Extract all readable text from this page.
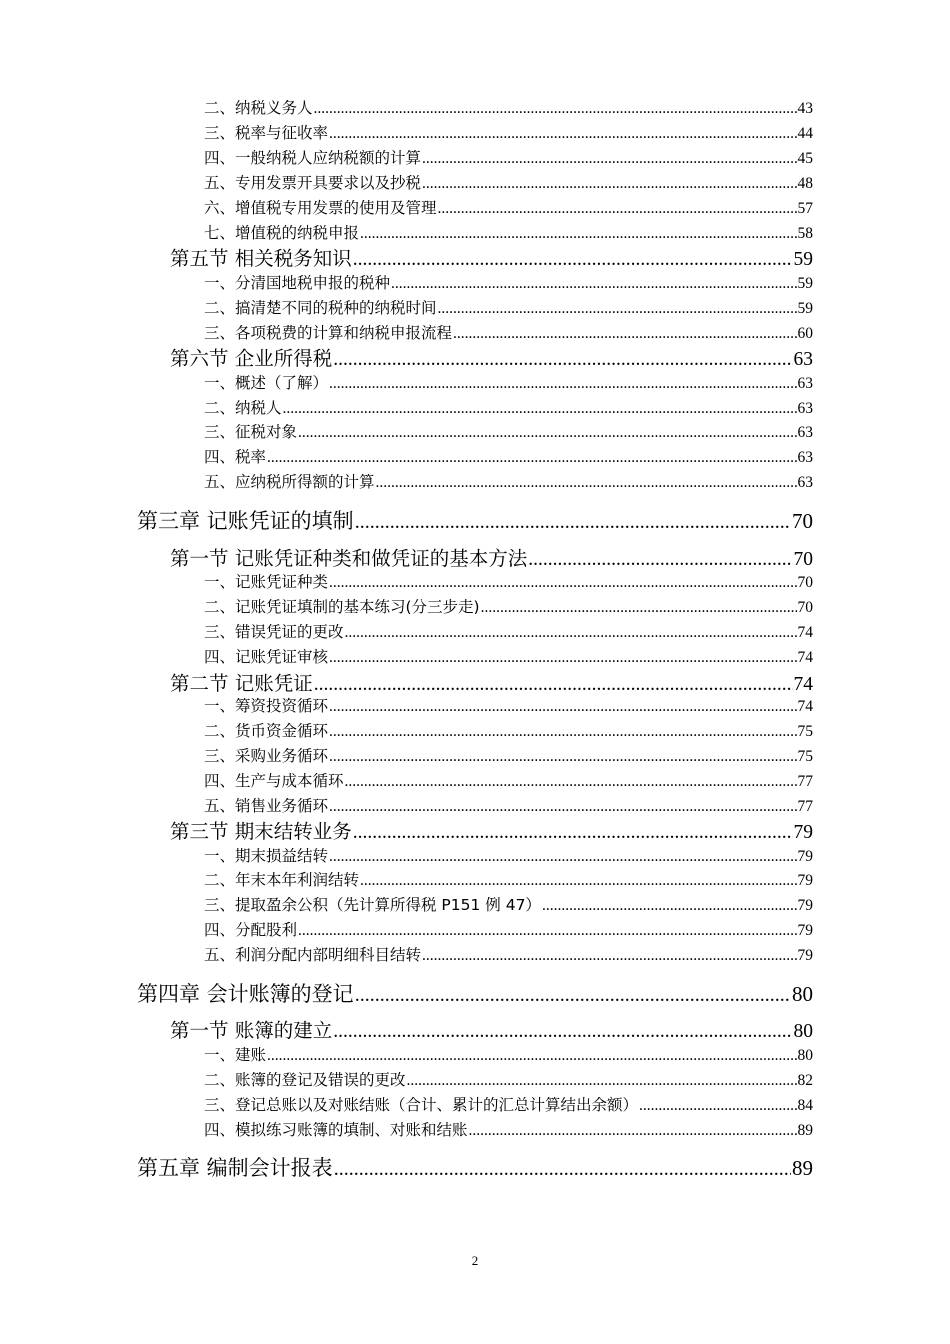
二、纳税义务人 .....	43
三、税率与征收率 .....	44
四、一般纳税人应纳税额的计算 .....	45
五、专用发票开具要求以及抄税 .....	48
六、增值税专用发票的使用及管理 .....	57
七、增值税的纳税申报 .....	58
第五节 相关税务知识 .....	59
一、分清国地税申报的税种 .....	59
二、搞清楚不同的税种的纳税时间 .....	59
三、各项税费的计算和纳税申报流程 .....	60
第六节 企业所得税 .....	63
一、概述（了解） .....	63
二、纳税人 .....	63
三、征税对象 .....	63
四、税率 .....	63
五、应纳税所得额的计算 .....	63
第三章 记账凭证的填制 .....	70
第一节 记账凭证种类和做凭证的基本方法 .....	70
一、记账凭证种类 .....	70
二、记账凭证填制的基本练习(分三步走) .....	70
三、错误凭证的更改 .....	74
四、记账凭证审核 .....	74
第二节 记账凭证 .....	74
一、筹资投资循环 .....	74
二、货币资金循环 .....	75
三、采购业务循环 .....	75
四、生产与成本循环 .....	77
五、销售业务循环 .....	77
第三节 期末结转业务 .....	79
一、期末损益结转 .....	79
二、年末本年利润结转 .....	79
三、提取盈余公积（先计算所得税 P151 例 47） .....	79
四、分配股利 .....	79
五、利润分配内部明细科目结转 .....	79
第四章 会计账簿的登记 .....	80
第一节 账簿的建立 .....	80
一、建账 .....	80
二、账簿的登记及错误的更改 .....	82
三、登记总账以及对账结账（合计、累计的汇总计算结出余额） .....	84
四、模拟练习账簿的填制、对账和结账 .....	89
第五章 编制会计报表 .....	89
2
